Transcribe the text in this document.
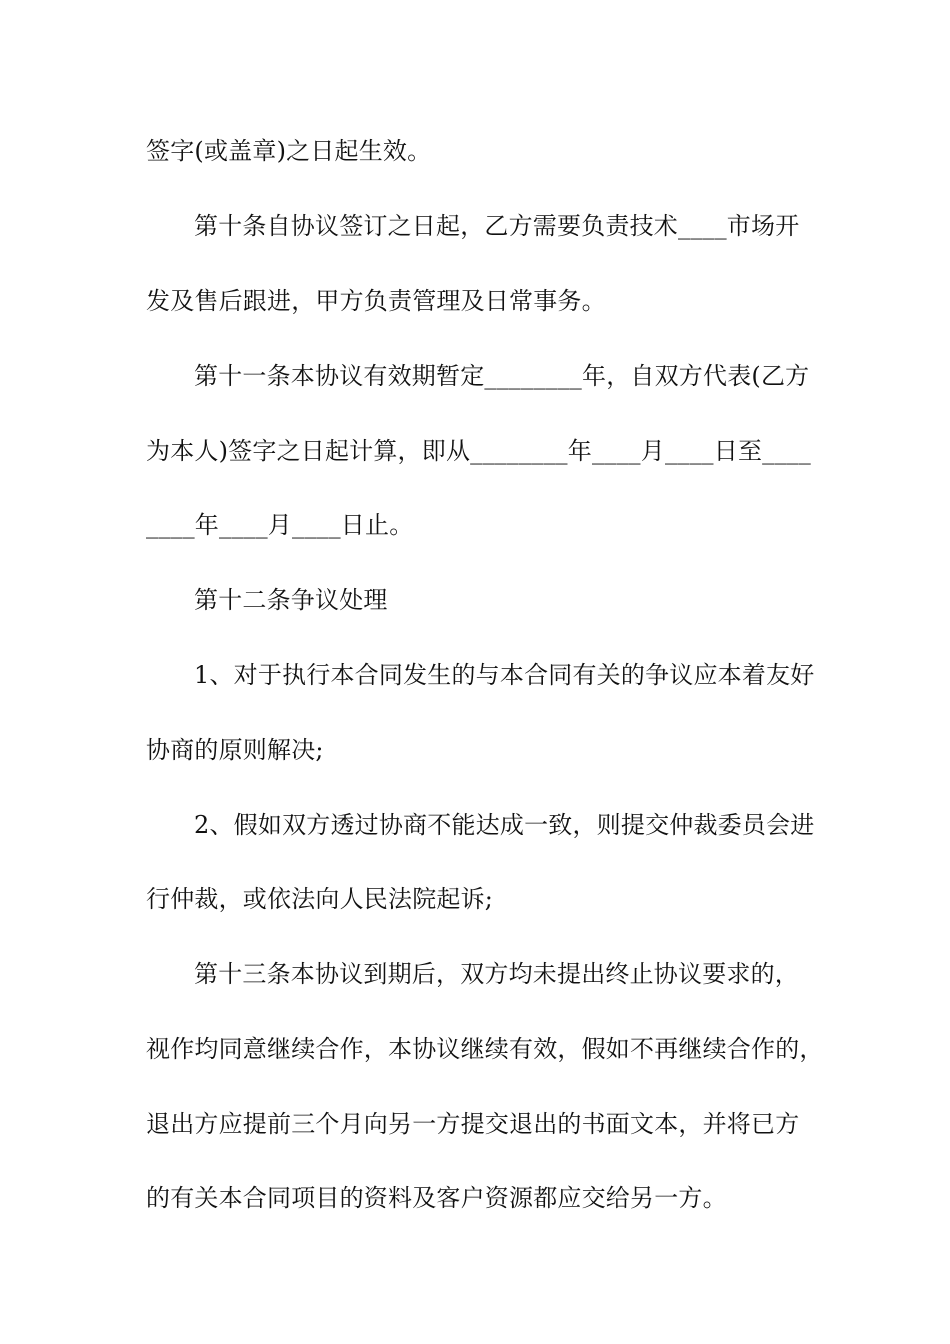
签字(或盖章)之日起生效。
第十条自协议签订之日起，乙方需要负责技术____市场开
发及售后跟进，甲方负责管理及日常事务。
第十一条本协议有效期暂定________年，自双方代表(乙方
为本人)签字之日起计算，即从________年____月____日至____
____年____月____日止。
第十二条争议处理
1、对于执行本合同发生的与本合同有关的争议应本着友好
协商的原则解决;
2、假如双方透过协商不能达成一致，则提交仲裁委员会进
行仲裁，或依法向人民法院起诉;
第十三条本协议到期后，双方均未提出终止协议要求的，
视作均同意继续合作，本协议继续有效，假如不再继续合作的，
退出方应提前三个月向另一方提交退出的书面文本，并将已方
的有关本合同项目的资料及客户资源都应交给另一方。
